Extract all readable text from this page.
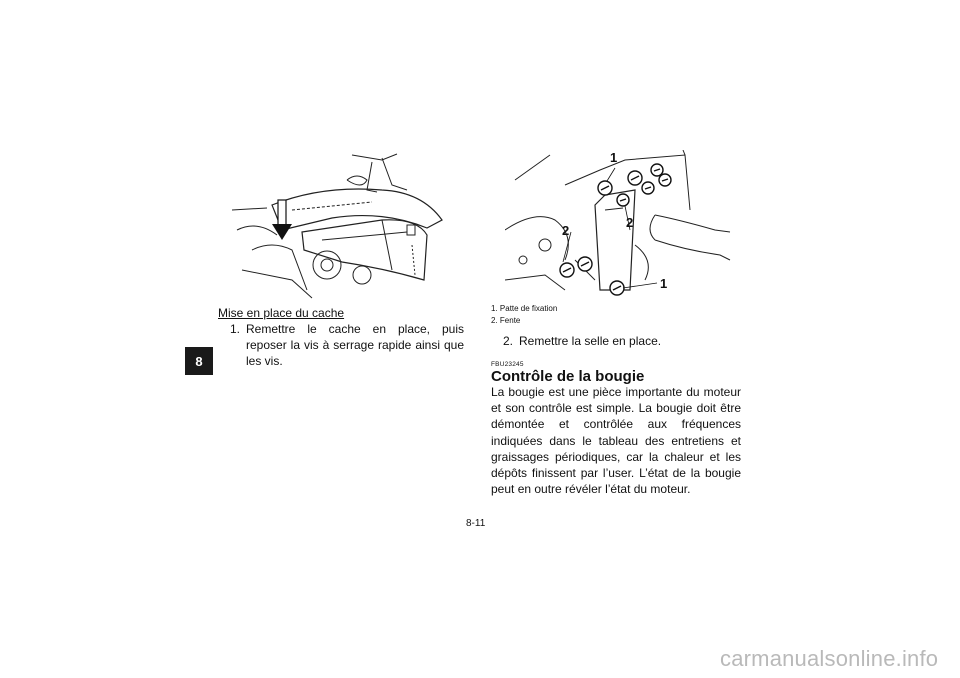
8
Mise en place du cache
1. Remettre le cache en place, puis reposer la vis à serrage rapide ainsi que les vis.
1
2
2
1
1. Patte de fixation
2. Fente
2. Remettre la selle en place.
FBU23245
Contrôle de la bougie
La bougie est une pièce importante du moteur et son contrôle est simple. La bougie doit être démontée et contrôlée aux fréquences indiquées dans le tableau des entretiens et graissages périodiques, car la chaleur et les dépôts finissent par l’user. L’état de la bougie peut en outre révéler l’état du moteur.
8-11
carmanualsonline.info
